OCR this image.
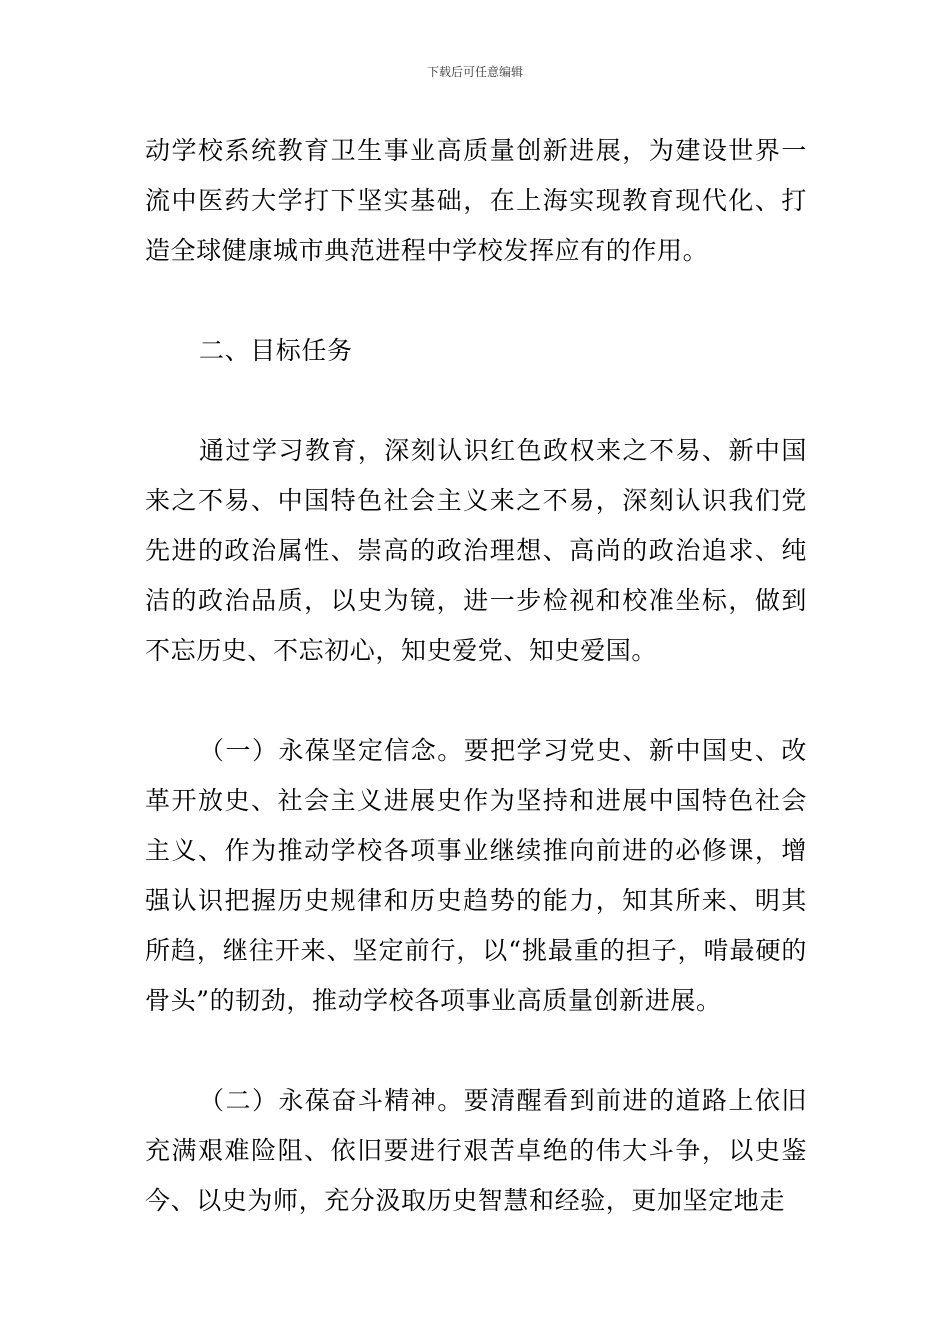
下载后可任意编辑

动学校系统教育卫生事业高质量创新进展，为建设世界一流中医药大学打下坚实基础，在上海实现教育现代化、打造全球健康城市典范进程中学校发挥应有的作用。

二、目标任务

通过学习教育，深刻认识红色政权来之不易、新中国来之不易、中国特色社会主义来之不易，深刻认识我们党先进的政治属性、崇高的政治理想、高尚的政治追求、纯洁的政治品质，以史为镜，进一步检视和校准坐标，做到不忘历史、不忘初心，知史爱党、知史爱国。

（一）永葆坚定信念。要把学习党史、新中国史、改革开放史、社会主义进展史作为坚持和进展中国特色社会主义、作为推动学校各项事业继续推向前进的必修课，增强认识把握历史规律和历史趋势的能力，知其所来、明其所趋，继往开来、坚定前行，以“挑最重的担子，啃最硬的骨头”的韧劲，推动学校各项事业高质量创新进展。

（二）永葆奋斗精神。要清醒看到前进的道路上依旧充满艰难险阻、依旧要进行艰苦卓绝的伟大斗争，以史鉴今、以史为师，充分汲取历史智慧和经验，更加坚定地走
